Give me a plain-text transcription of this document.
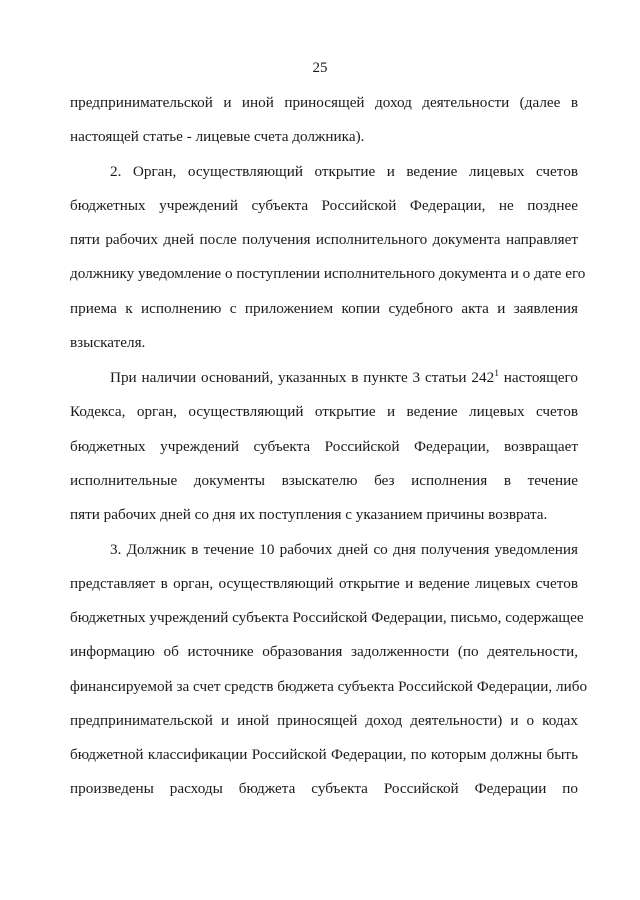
25
предпринимательской и иной приносящей доход деятельности (далее в
настоящей статье - лицевые счета должника).
2. Орган, осуществляющий открытие и ведение лицевых счетов
бюджетных учреждений субъекта Российской Федерации, не позднее
пяти рабочих дней после получения исполнительного документа направляет
должнику уведомление о поступлении исполнительного документа и о дате его
приема к исполнению с приложением копии судебного акта и заявления
взыскателя.
При наличии оснований, указанных в пункте 3 статьи $242^1$ настоящего
Кодекса, орган, осуществляющий открытие и ведение лицевых счетов
бюджетных учреждений субъекта Российской Федерации, возвращает
исполнительные документы взыскателю без исполнения в течение
пяти рабочих дней со дня их поступления с указанием причины возврата.
3. Должник в течение 10 рабочих дней со дня получения уведомления
представляет в орган, осуществляющий открытие и ведение лицевых счетов
бюджетных учреждений субъекта Российской Федерации, письмо, содержащее
информацию об источнике образования задолженности (по деятельности,
финансируемой за счет средств бюджета субъекта Российской Федерации, либо
предпринимательской и иной приносящей доход деятельности) и о кодах
бюджетной классификации Российской Федерации, по которым должны быть
произведены расходы бюджета субъекта Российской Федерации по
